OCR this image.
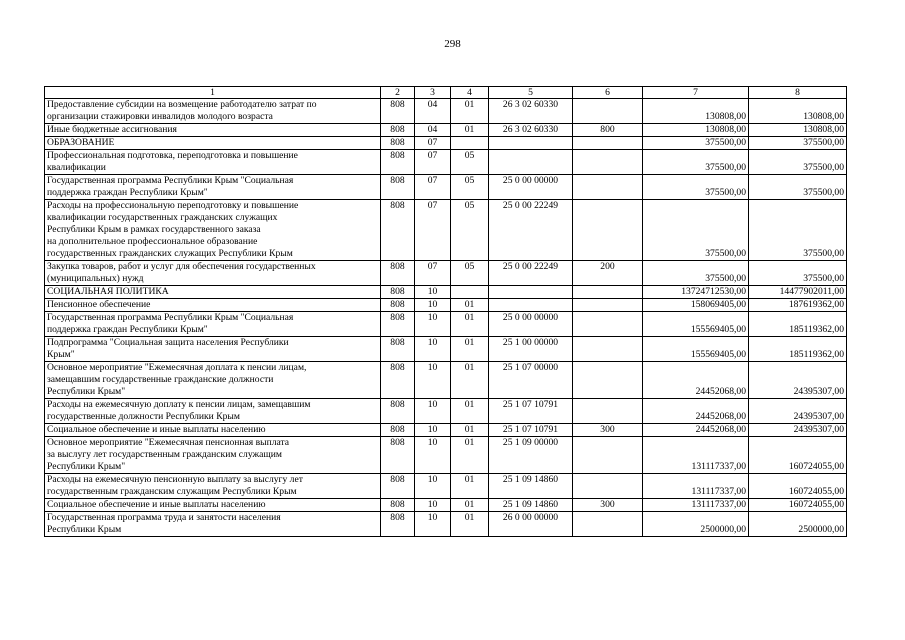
298
1	2	3	4	5	6	7	8

Предоставление субсидии на возмещение работодателю затрат по
организации стажировки инвалидов молодого возраста	808	04	01	26 3 02 60330		130808,00	130808,00

Иные бюджетные ассигнования	808	04	01	26 3 02 60330	800	130808,00	130808,00

ОБРАЗОВАНИЕ	808	07				375500,00	375500,00

Профессиональная подготовка, переподготовка и повышение
квалификации	808	07	05			375500,00	375500,00

Государственная программа Республики Крым "Социальная
поддержка граждан Республики Крым"	808	07	05	25 0 00 00000		375500,00	375500,00

Расходы на профессиональную переподготовку и повышение
квалификации государственных гражданских служащих
Республики Крым в рамках государственного заказа
на дополнительное профессиональное образование
государственных гражданских служащих Республики Крым	808	07	05	25 0 00 22249		375500,00	375500,00

Закупка товаров, работ и услуг для обеспечения государственных
(муниципальных) нужд	808	07	05	25 0 00 22249	200	375500,00	375500,00

СОЦИАЛЬНАЯ ПОЛИТИКА	808	10				13724712530,00	14477902011,00

Пенсионное обеспечение	808	10	01			158069405,00	187619362,00

Государственная программа Республики Крым "Социальная
поддержка граждан Республики Крым"	808	10	01	25 0 00 00000		155569405,00	185119362,00

Подпрограмма "Социальная защита населения Республики
Крым"	808	10	01	25 1 00 00000		155569405,00	185119362,00

Основное мероприятие "Ежемесячная доплата к пенсии лицам,
замещавшим государственные гражданские должности
Республики Крым"	808	10	01	25 1 07 00000		24452068,00	24395307,00

Расходы на ежемесячную доплату к пенсии лицам, замещавшим
государственные должности Республики Крым	808	10	01	25 1 07 10791		24452068,00	24395307,00

Социальное обеспечение и иные выплаты населению	808	10	01	25 1 07 10791	300	24452068,00	24395307,00

Основное мероприятие "Ежемесячная пенсионная выплата
за выслугу лет государственным гражданским служащим
Республики Крым"	808	10	01	25 1 09 00000		131117337,00	160724055,00

Расходы на ежемесячную пенсионную выплату за выслугу лет
государственным гражданским служащим Республики Крым	808	10	01	25 1 09 14860		131117337,00	160724055,00

Социальное обеспечение и иные выплаты населению	808	10	01	25 1 09 14860	300	131117337,00	160724055,00

Государственная программа труда и занятости населения
Республики Крым	808	10	01	26 0 00 00000		2500000,00	2500000,00
